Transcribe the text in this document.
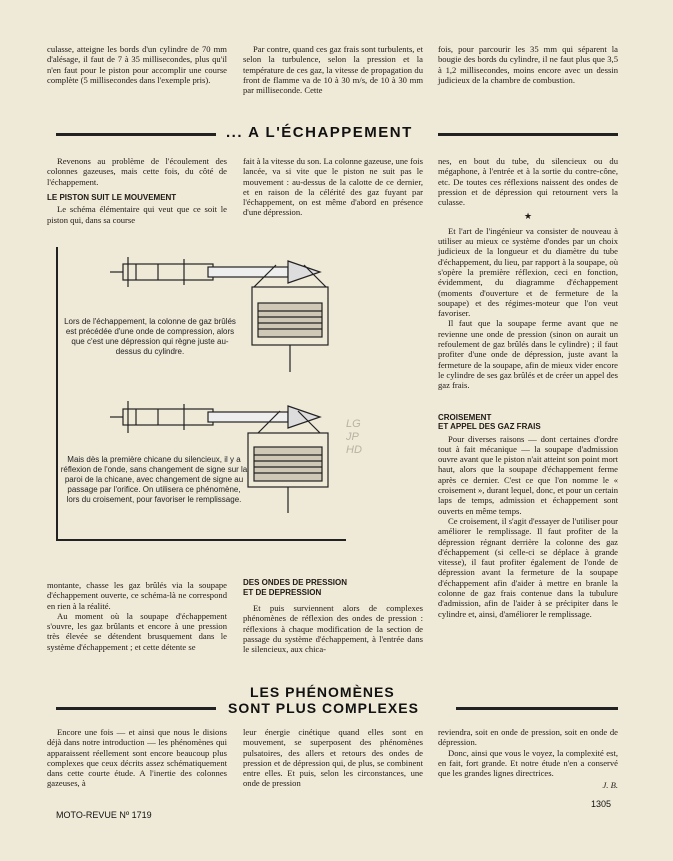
culasse, atteigne les bords d'un cylindre de 70 mm d'alésage, il faut de 7 à 35 millisecondes, plus qu'il n'en faut pour le piston pour accomplir une course complète (5 millisecondes dans l'exemple pris).

Par contre, quand ces gaz frais sont turbulents, et selon la turbulence, selon la pression et la température de ces gaz, la vitesse de propagation du front de flamme va de 10 à 30 m/s, de 10 à 30 mm par milliseconde. Cette

fois, pour parcourir les 35 mm qui séparent la bougie des bords du cylindre, il ne faut plus que 3,5 à 1,2 millisecondes, moins encore avec un dessin judicieux de la chambre de combustion.

... A L'ÉCHAPPEMENT

Revenons au problème de l'écoulement des colonnes gazeuses, mais cette fois, du côté de l'échappement.

LE PISTON SUIT LE MOUVEMENT

Le schéma élémentaire qui veut que ce soit le piston qui, dans sa course

fait à la vitesse du son. La colonne gazeuse, une fois lancée, va si vite que le piston ne suit pas le mouvement : au-dessus de la calotte de ce dernier, et en raison de la célérité des gaz fuyant par l'échappement, on est même d'abord en présence d'une dépression.

nes, en bout du tube, du silencieux ou du mégaphone, à l'entrée et à la sortie du contre-cône, etc. De toutes ces réflexions naissent des ondes de pression et de dépression qui retournent vers la culasse.

★

Et l'art de l'ingénieur va consister de nouveau à utiliser au mieux ce système d'ondes par un choix judicieux de la longueur et du diamètre du tube d'échappement, du lieu, par rapport à la soupape, où s'opère la première réflexion, ceci en fonction, évidemment, du diagramme d'échappement (moments d'ouverture et de fermeture de la soupape) et des régimes-moteur que l'on veut favoriser.

Il faut que la soupape ferme avant que ne revienne une onde de pression (sinon on aurait un refoulement de gaz brûlés dans le cylindre) ; il faut profiter d'une onde de dépression, juste avant la fermeture de la soupape, afin de mieux vider encore le cylindre de ses gaz brûlés et de créer un appel des gaz frais.

CROISEMENT
ET APPEL DES GAZ FRAIS

Pour diverses raisons — dont certaines d'ordre tout à fait mécanique — la soupape d'admission ouvre avant que le piston n'ait atteint son point mort haut, alors que la soupape d'échappement ferme après ce dernier. C'est ce que l'on nomme le « croisement », durant lequel, donc, et pour un certain laps de temps, admission et échappement sont ouverts en même temps.

Ce croisement, il s'agit d'essayer de l'utiliser pour améliorer le remplissage. Il faut profiter de la dépression régnant derrière la colonne des gaz d'échappement (si celle-ci se déplace à grande vitesse), il faut profiter également de l'onde de dépression avant la fermeture de la soupape d'échappement afin d'aider à mettre en branle la colonne de gaz frais contenue dans la tubulure d'admission, afin de l'aider à se précipiter dans le cylindre et, ainsi, d'améliorer le remplissage.

Lors de l'échappement, la colonne de gaz brûlés est précédée d'une onde de compression, alors que c'est une dépression qui règne juste au-dessus du cylindre.
Mais dès la première chicane du silencieux, il y a réflexion de l'onde, sans changement de signe sur la paroi de la chicane, avec changement de signe au passage par l'orifice. On utilisera ce phénomène, lors du croisement, pour favoriser le remplissage.
LG
JP
HD

montante, chasse les gaz brûlés via la soupape d'échappement ouverte, ce schéma-là ne correspond en rien à la réalité.

Au moment où la soupape d'échappement s'ouvre, les gaz brûlants et encore à une pression très élevée se détendent brusquement dans le système d'échappement ; et cette détente se

DES ONDES DE PRESSION
ET DE DEPRESSION

Et puis surviennent alors de complexes phénomènes de réflexion des ondes de pression : réflexions à chaque modification de la section de passage du système d'échappement, à l'entrée dans le silencieux, aux chica-

LES PHÉNOMÈNES
SONT PLUS COMPLEXES

Encore une fois — et ainsi que nous le disions déjà dans notre introduction — les phénomènes qui apparaissent réellement sont encore beaucoup plus complexes que ceux décrits assez schématiquement dans cette courte étude. A l'inertie des colonnes gazeuses, à

leur énergie cinétique quand elles sont en mouvement, se superposent des phénomènes pulsatoires, des allers et retours des ondes de pression et de dépression qui, de plus, se combinent entre elles. Et puis, selon les circonstances, une onde de pression

reviendra, soit en onde de pression, soit en onde de dépression.

Donc, ainsi que vous le voyez, la complexité est, en fait, fort grande. Et notre étude n'en a conservé que les grandes lignes directrices.

J. B.
MOTO-REVUE Nº 1719
1305
